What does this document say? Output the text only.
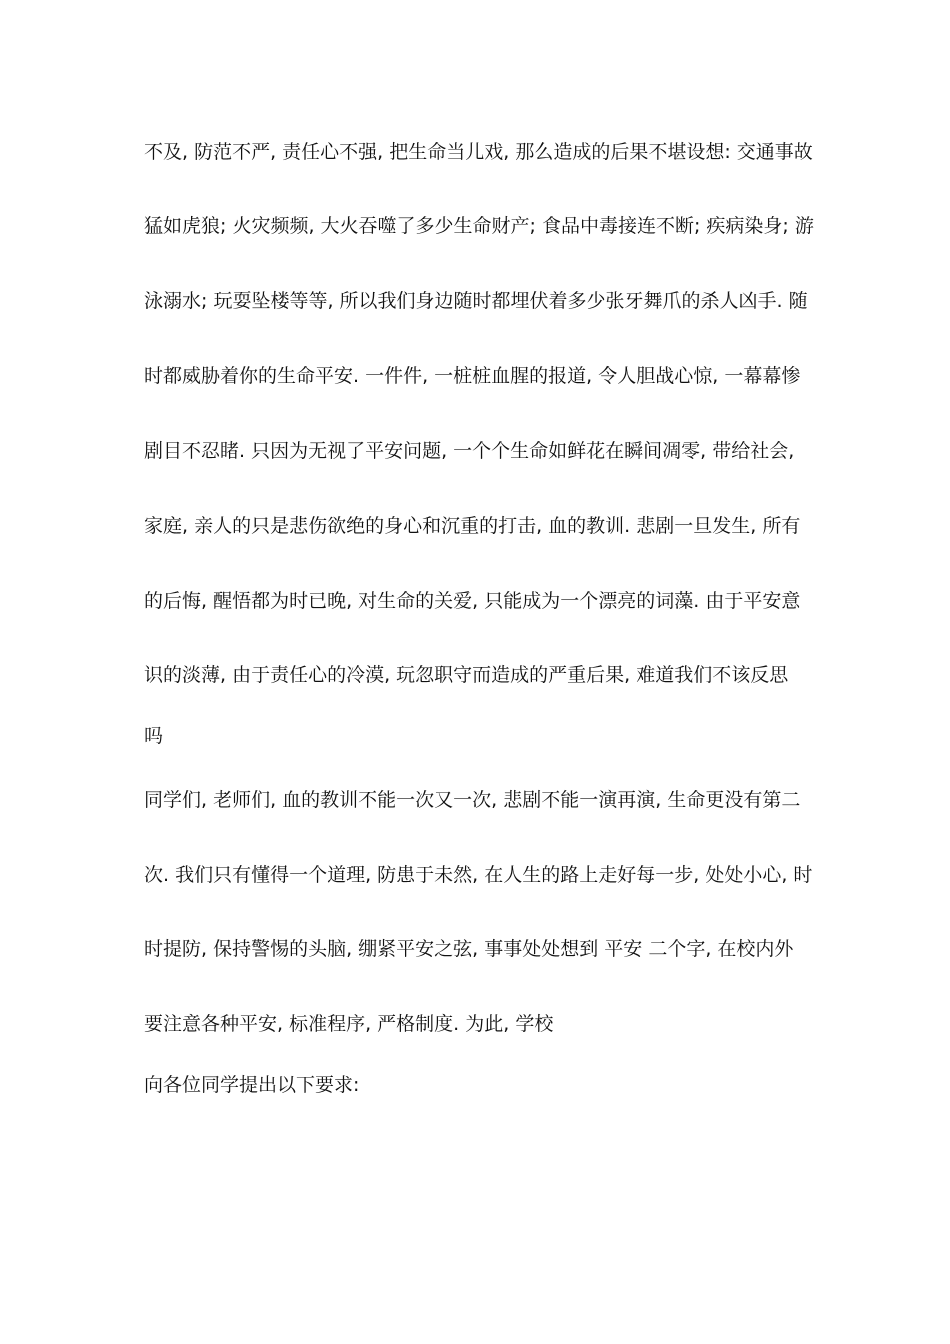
不及, 防范不严, 责任心不强, 把生命当儿戏, 那么造成的后果不堪设想: 交通事故
猛如虎狼; 火灾频频, 大火吞噬了多少生命财产; 食品中毒接连不断; 疾病染身; 游
泳溺水; 玩耍坠楼等等, 所以我们身边随时都埋伏着多少张牙舞爪的杀人凶手. 随
时都威胁着你的生命平安. 一件件, 一桩桩血腥的报道, 令人胆战心惊, 一幕幕惨
剧目不忍睹. 只因为无视了平安问题, 一个个生命如鲜花在瞬间凋零, 带给社会,
家庭, 亲人的只是悲伤欲绝的身心和沉重的打击, 血的教训. 悲剧一旦发生, 所有
的后悔, 醒悟都为时已晚, 对生命的关爱, 只能成为一个漂亮的词藻. 由于平安意
识的淡薄, 由于责任心的冷漠, 玩忽职守而造成的严重后果, 难道我们不该反思
吗
同学们, 老师们, 血的教训不能一次又一次, 悲剧不能一演再演, 生命更没有第二
次. 我们只有懂得一个道理, 防患于未然, 在人生的路上走好每一步, 处处小心, 时
时提防, 保持警惕的头脑, 绷紧平安之弦, 事事处处想到 平安 二个字, 在校内外
要注意各种平安, 标准程序, 严格制度. 为此, 学校
向各位同学提出以下要求:
